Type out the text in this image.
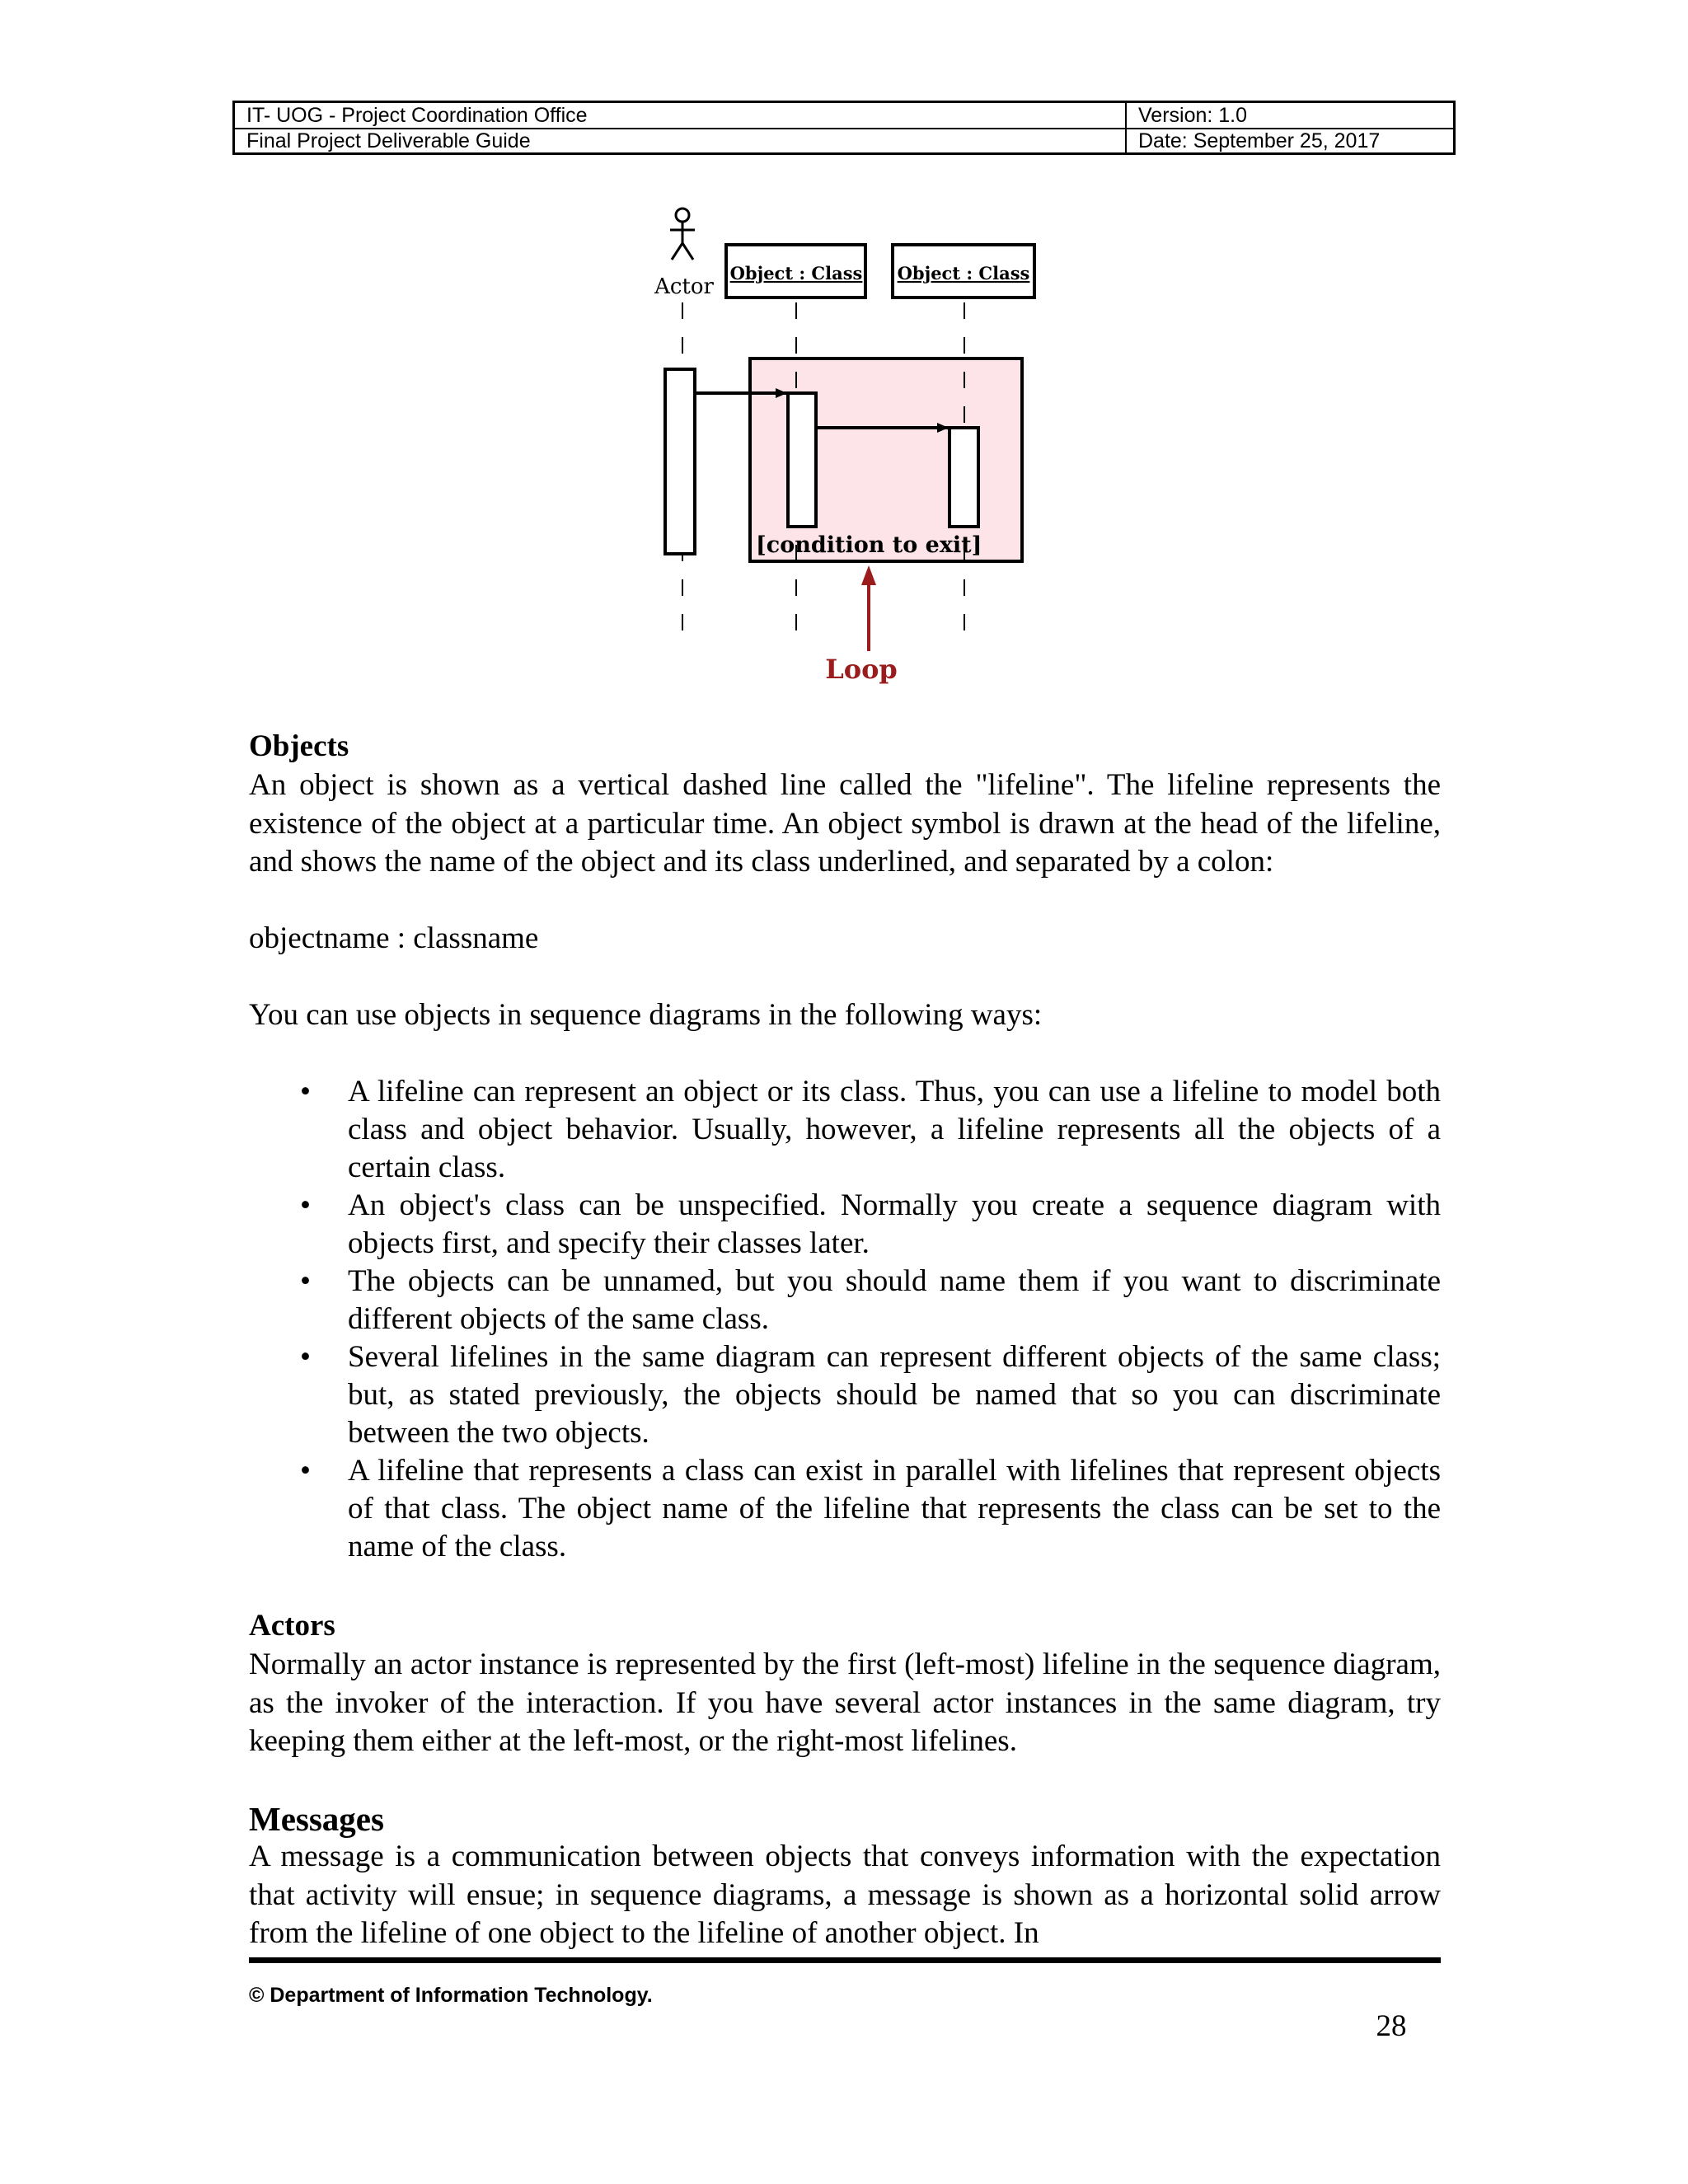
IT- UOG - Project Coordination Office	Version: 1.0
Final Project Deliverable Guide	Date: September 25, 2017
Actor
Object : Class Object : Class
[condition to exit]
Loop
Objects

An object is shown as a vertical dashed line called the "lifeline". The lifeline represents the existence of the object at a particular time. An object symbol is drawn at the head of the lifeline, and shows the name of the object and its class underlined, and separated by a colon:

objectname : classname
You can use objects in sequence diagrams in the following ways:
• A lifeline can represent an object or its class. Thus, you can use a lifeline to model both class and object behavior. Usually, however, a lifeline represents all the objects of a certain class.
• An object's class can be unspecified. Normally you create a sequence diagram with objects first, and specify their classes later.
• The objects can be unnamed, but you should name them if you want to discriminate different objects of the same class.
• Several lifelines in the same diagram can represent different objects of the same class; but, as stated previously, the objects should be named that so you can discriminate between the two objects.
• A lifeline that represents a class can exist in parallel with lifelines that represent objects of that class. The object name of the lifeline that represents the class can be set to the name of the class.
Actors

Normally an actor instance is represented by the first (left-most) lifeline in the sequence diagram, as the invoker of the interaction. If you have several actor instances in the same diagram, try keeping them either at the left-most, or the right-most lifelines.

Messages

A message is a communication between objects that conveys information with the expectation that activity will ensue; in sequence diagrams, a message is shown as a horizontal solid arrow from the lifeline of one object to the lifeline of another object. In

© Department of Information Technology.
28
